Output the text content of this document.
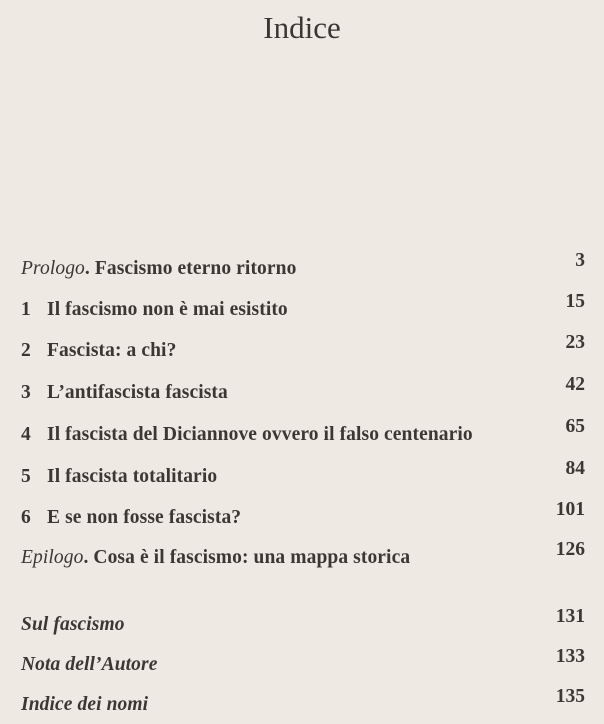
Indice
Prologo. Fascismo eterno ritorno	3
1 Il fascismo non è mai esistito	15
2 Fascista: a chi?	23
3 L’antifascista fascista	42
4 Il fascista del Diciannove ovvero il falso centenario	65
5 Il fascista totalitario	84
6 E se non fosse fascista?	101
Epilogo. Cosa è il fascismo: una mappa storica	126
Sul fascismo	131
Nota dell’Autore	133
Indice dei nomi	135
